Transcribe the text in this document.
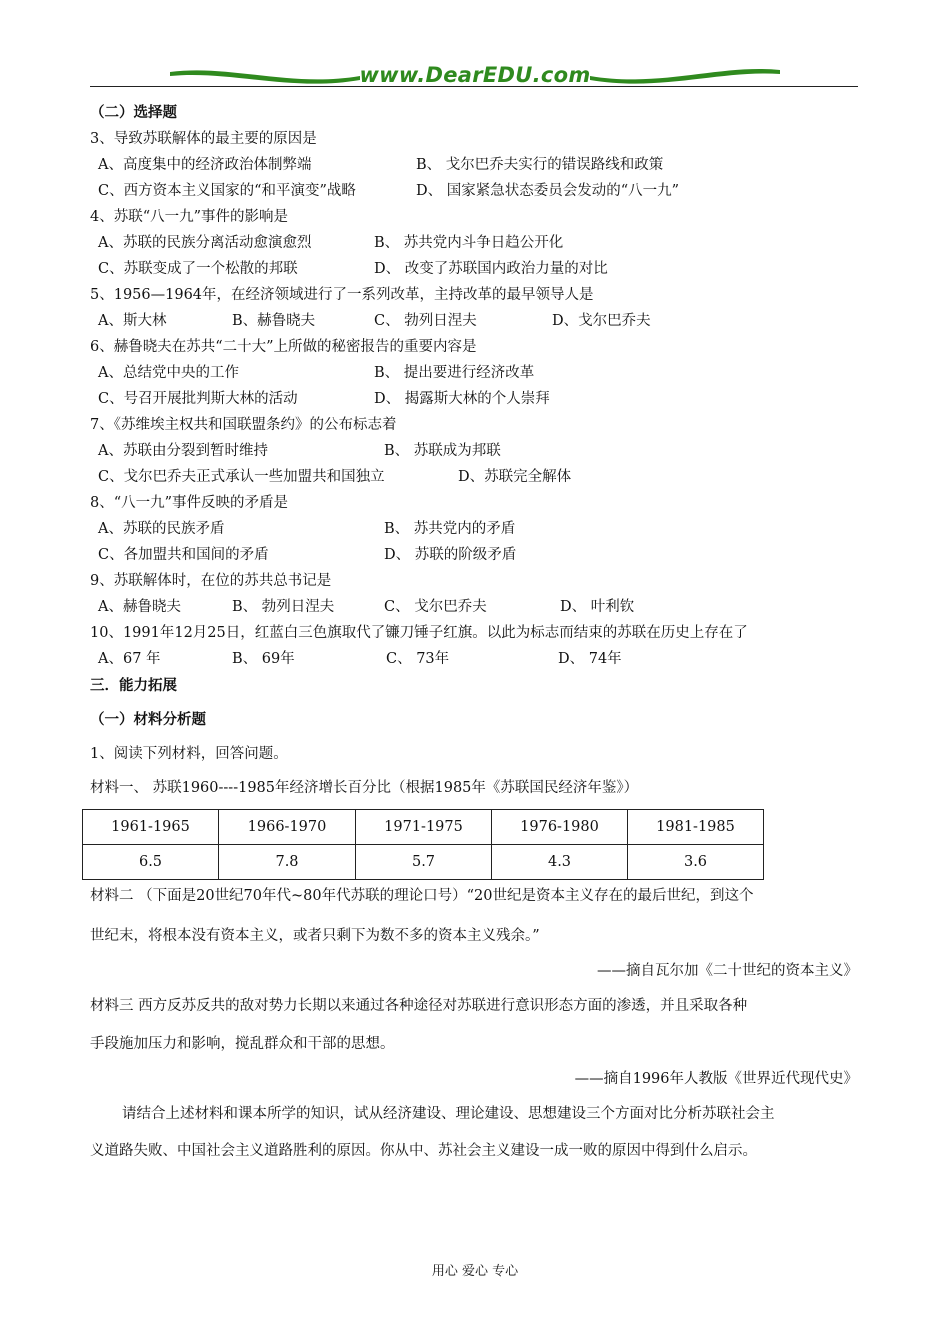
www.DearEDU.com
（二）选择题
3、导致苏联解体的最主要的原因是
A、高度集中的经济政治体制弊端	B、 戈尔巴乔夫实行的错误路线和政策
C、西方资本主义国家的“和平演变”战略	D、 国家紧急状态委员会发动的“八一九”
4、苏联“八一九”事件的影响是
A、苏联的民族分离活动愈演愈烈	B、 苏共党内斗争日趋公开化
C、苏联变成了一个松散的邦联	D、 改变了苏联国内政治力量的对比
5、1956—1964年，在经济领域进行了一系列改革，主持改革的最早领导人是
A、斯大林	B、赫鲁晓夫	C、 勃列日涅夫	D、戈尔巴乔夫
6、赫鲁晓夫在苏共“二十大”上所做的秘密报告的重要内容是
A、总结党中央的工作	B、 提出要进行经济改革
C、号召开展批判斯大林的活动	D、 揭露斯大林的个人崇拜
7、《苏维埃主权共和国联盟条约》的公布标志着
A、苏联由分裂到暂时维持	B、 苏联成为邦联
C、戈尔巴乔夫正式承认一些加盟共和国独立	D、苏联完全解体
8、“八一九”事件反映的矛盾是
A、苏联的民族矛盾	B、 苏共党内的矛盾
C、各加盟共和国间的矛盾	D、 苏联的阶级矛盾
9、苏联解体时，在位的苏共总书记是
A、赫鲁晓夫	B、 勃列日涅夫	C、 戈尔巴乔夫	D、 叶利钦
10、1991年12月25日，红蓝白三色旗取代了镰刀锤子红旗。以此为标志而结束的苏联在历史上存在了
A、67 年	B、 69年	C、 73年	D、 74年
三．能力拓展
（一）材料分析题
1、阅读下列材料，回答问题。
材料一、 苏联1960----1985年经济增长百分比（根据1985年《苏联国民经济年鉴》）
1961-1965	1966-1970	1971-1975	1976-1980	1981-1985
6.5	7.8	5.7	4.3	3.6
材料二 （下面是20世纪70年代~80年代苏联的理论口号）“20世纪是资本主义存在的最后世纪，到这个
世纪末，将根本没有资本主义，或者只剩下为数不多的资本主义残余。”
——摘自瓦尔加《二十世纪的资本主义》
材料三 西方反苏反共的敌对势力长期以来通过各种途径对苏联进行意识形态方面的渗透，并且采取各种
手段施加压力和影响，搅乱群众和干部的思想。
——摘自1996年人教版《世界近代现代史》
请结合上述材料和课本所学的知识，试从经济建设、理论建设、思想建设三个方面对比分析苏联社会主
义道路失败、中国社会主义道路胜利的原因。你从中、苏社会主义建设一成一败的原因中得到什么启示。
用心 爱心 专心
